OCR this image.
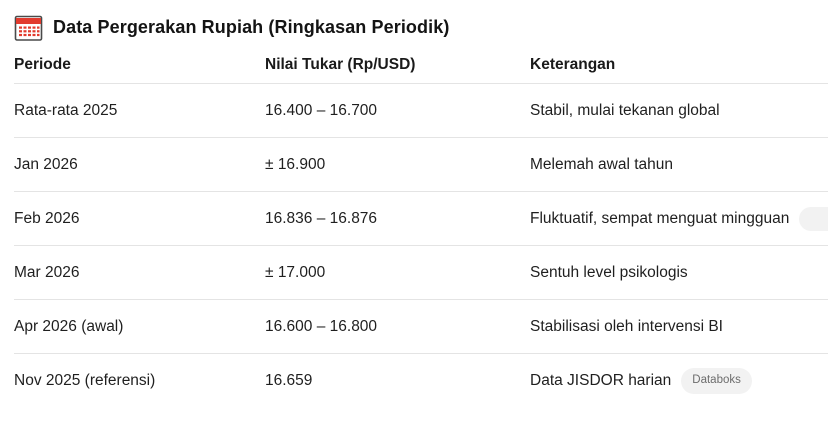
Data Pergerakan Rupiah (Ringkasan Periodik)
Periode	Nilai Tukar (Rp/USD)	Keterangan
Rata-rata 2025	16.400 – 16.700	Stabil, mulai tekanan global
Jan 2026	± 16.900	Melemah awal tahun
Feb 2026	16.836 – 16.876	Fluktuatif, sempat menguat mingguan
Mar 2026	± 17.000	Sentuh level psikologis
Apr 2026 (awal)	16.600 – 16.800	Stabilisasi oleh intervensi BI
Nov 2025 (referensi)	16.659	Data JISDOR harian	Databoks
